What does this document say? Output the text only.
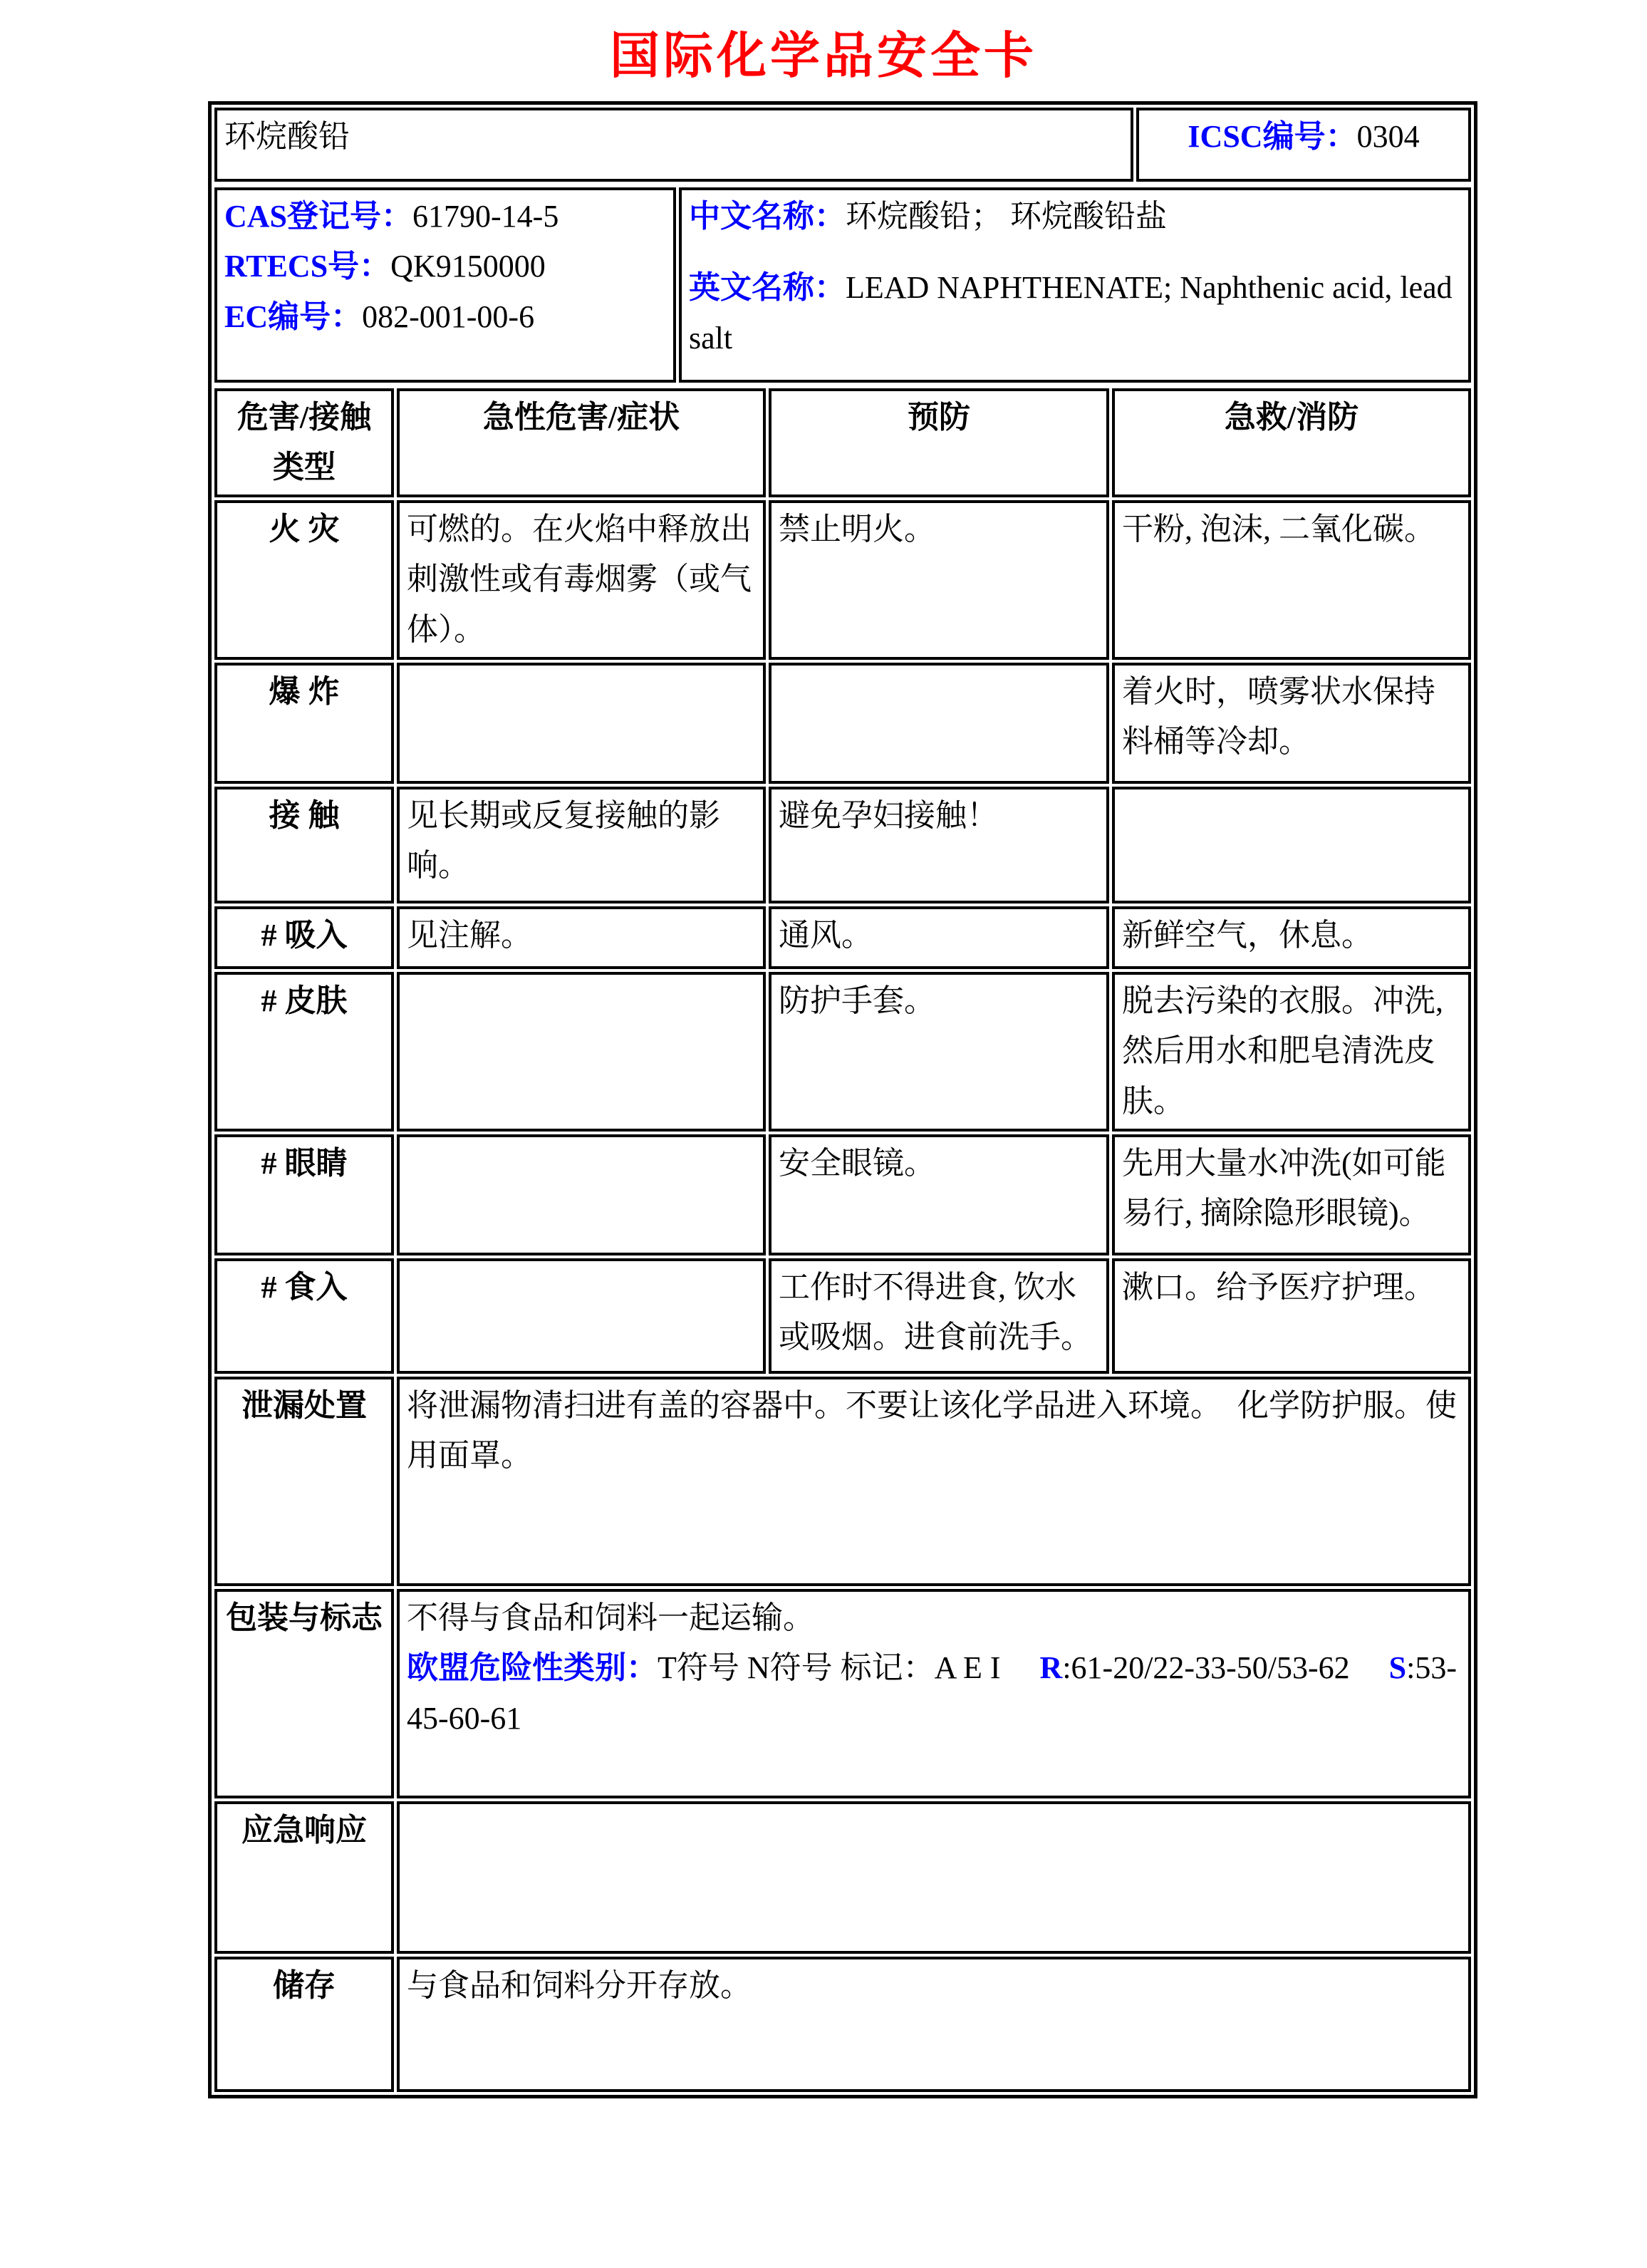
国际化学品安全卡
环烷酸铅	ICSC编号：0304
CAS登记号：61790-14-5
RTECS号：QK9150000
EC编号：082-001-00-6

中文名称：环烷酸铅； 环烷酸铅盐

英文名称：LEAD NAPHTHENATE; Naphthenic acid, lead salt

危害/接触类型	急性危害/症状	预防	急救/消防
火 灾	可燃的。在火焰中释放出刺激性或有毒烟雾（或气体）。	禁止明火。	干粉, 泡沫, 二氧化碳。
爆 炸			着火时，喷雾状水保持料桶等冷却。
接 触	见长期或反复接触的影响。	避免孕妇接触！	
# 吸入	见注解。	通风。	新鲜空气，休息。
# 皮肤		防护手套。	脱去污染的衣服。冲洗, 然后用水和肥皂清洗皮肤。
# 眼睛		安全眼镜。	先用大量水冲洗(如可能易行, 摘除隐形眼镜)。
# 食入		工作时不得进食, 饮水或吸烟。进食前洗手。	漱口。给予医疗护理。
泄漏处置	将泄漏物清扫进有盖的容器中。不要让该化学品进入环境。　化学防护服。使用面罩。		
包装与标志	不得与食品和饲料一起运输。
欧盟危险性类别：T符号 N符号 标记：A E I 　R:61-20/22-33-50/53-62 　S:53-45-60-61		

应急响应			
储存	与食品和饲料分开存放。		
